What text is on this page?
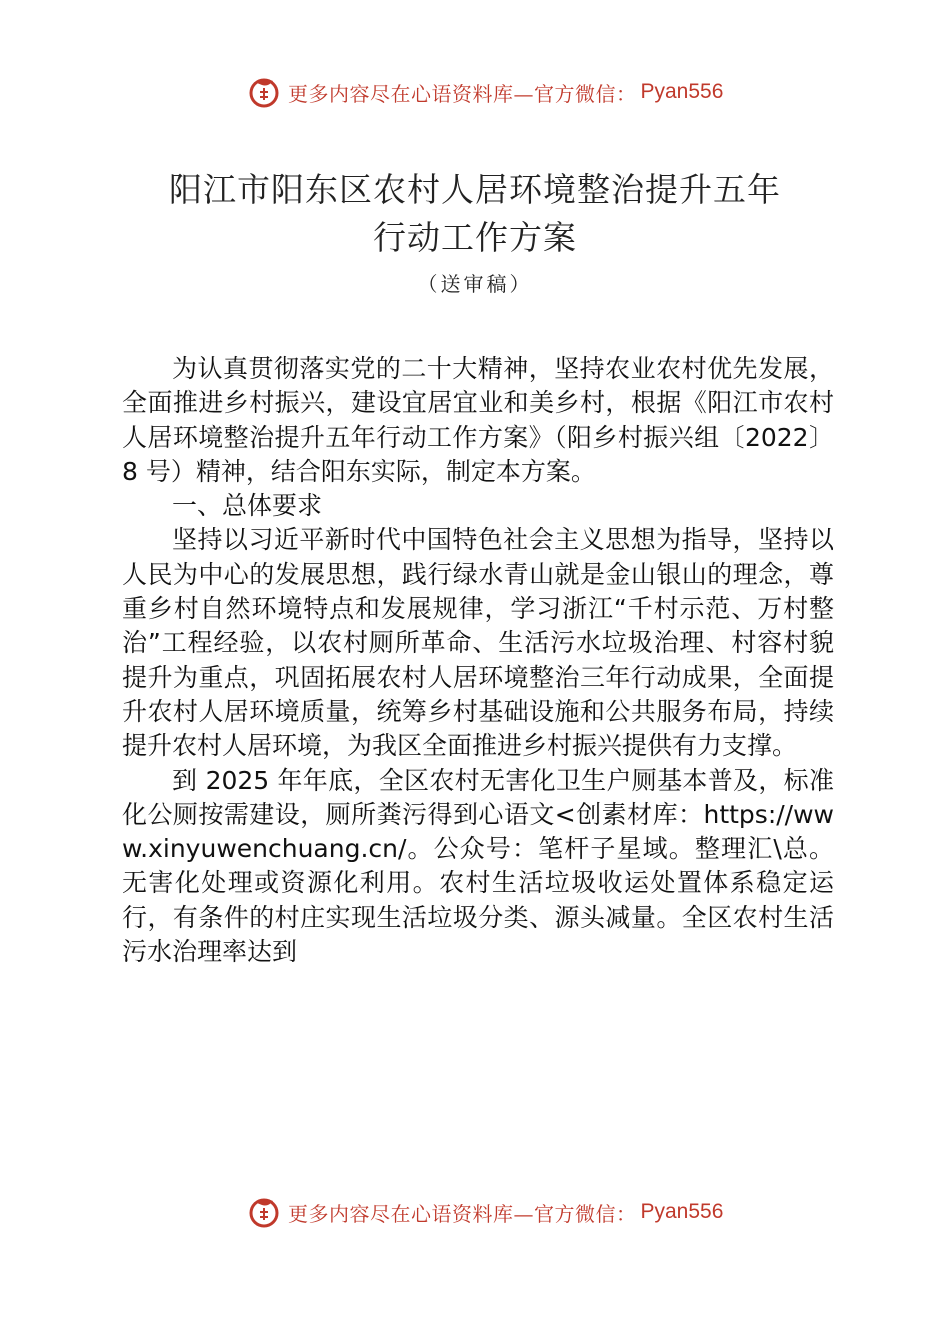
更多内容尽在心语资料库—官方微信： Pyan556
阳江市阳东区农村人居环境整治提升五年
行动工作方案
（送审稿）

为认真贯彻落实党的二十大精神，坚持农业农村优先发展，全面推进乡村振兴，建设宜居宜业和美乡村，根据《阳江市农村人居环境整治提升五年行动工作方案》（阳乡村振兴组〔2022〕8 号）精神，结合阳东实际，制定本方案。

一、总体要求

坚持以习近平新时代中国特色社会主义思想为指导，坚持以人民为中心的发展思想，践行绿水青山就是金山银山的理念，尊重乡村自然环境特点和发展规律，学习浙江“千村示范、万村整治”工程经验，以农村厕所革命、生活污水垃圾治理、村容村貌提升为重点，巩固拓展农村人居环境整治三年行动成果，全面提升农村人居环境质量，统筹乡村基础设施和公共服务布局，持续提升农村人居环境，为我区全面推进乡村振兴提供有力支撑。

到 2025 年年底，全区农村无害化卫生户厕基本普及，标准化公厕按需建设，厕所粪污得到心语文<创素材库：https://www.xinyuwenchuang.cn/。公众号：笔杆子星域。整理汇\总。无害化处理或资源化利用。农村生活垃圾收运处置体系稳定运行，有条件的村庄实现生活垃圾分类、源头减量。全区农村生活污水治理率达到

更多内容尽在心语资料库—官方微信： Pyan556
